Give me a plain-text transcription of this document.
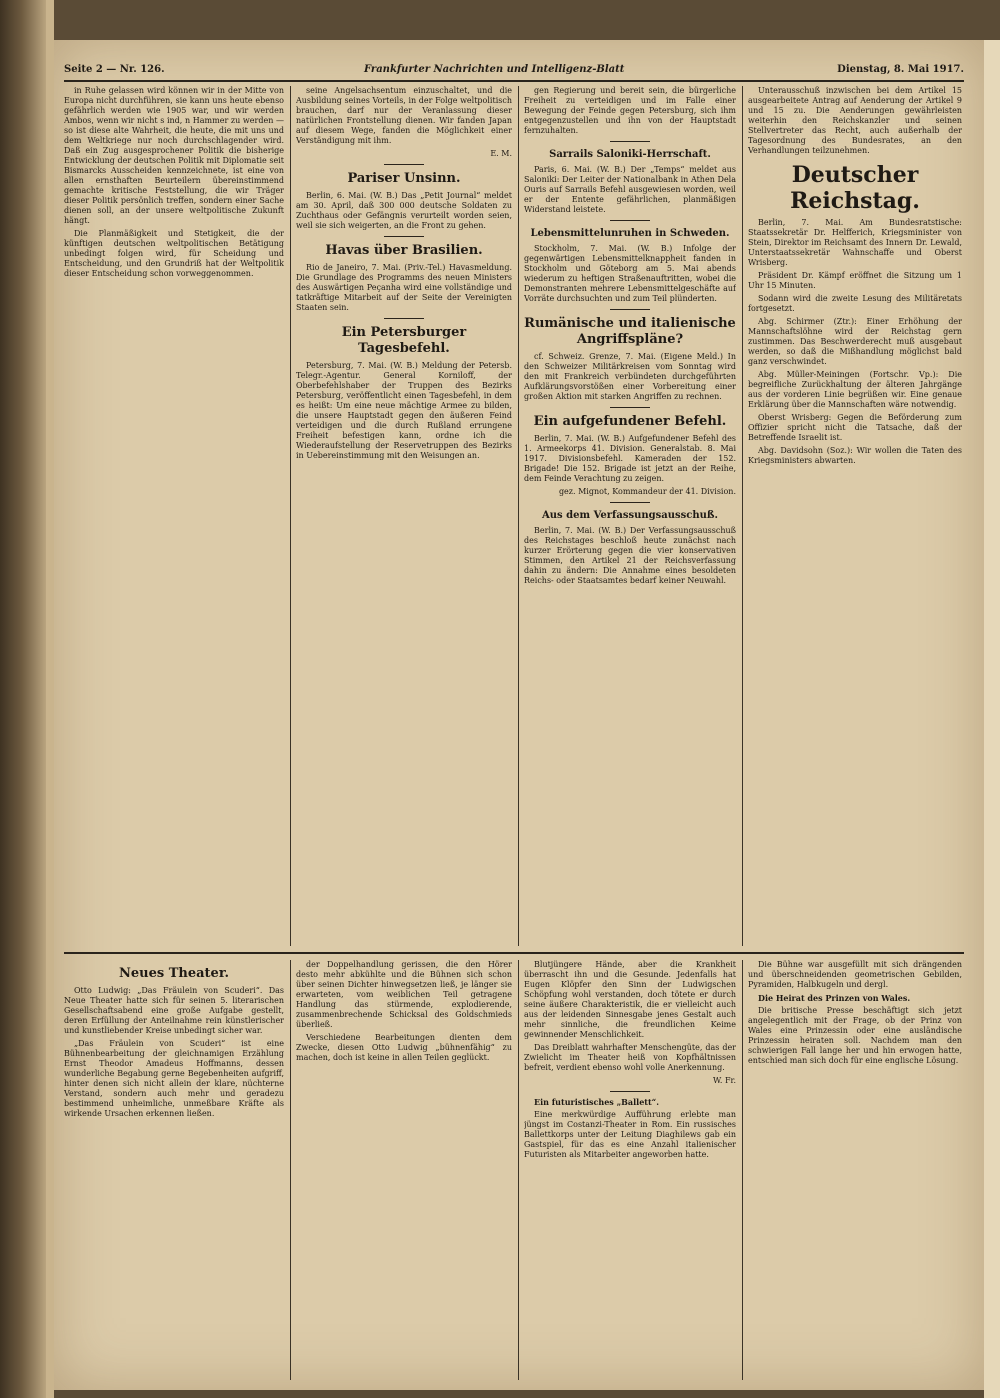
Seite 2 — Nr. 126.	Frankfurter Nachrichten und Intelligenz-Blatt	Dienstag, 8. Mai 1917.

in Ruhe gelassen wird können wir in der Mitte von Europa nicht durchführen, sie kann uns heute ebenso gefährlich werden wie 1905 war, und wir werden Ambos, wenn wir nicht s ind, n Hammer zu werden — so ist diese alte Wahrheit, die heute, die mit uns und dem Weltkriege nur noch durchschlagender wird. Daß ein Zug ausgesprochener Politik die bisherige Entwicklung der deutschen Politik mit Diplomatie seit Bismarcks Ausscheiden kennzeichnete, ist eine von allen ernsthaften Beurteilern übereinstimmend gemachte kritische Feststellung, die wir Träger dieser Politik persönlich treffen, sondern einer Sache dienen soll, an der unsere weltpolitische Zukunft hängt.

Die Planmäßigkeit und Stetigkeit, die der künftigen deutschen weltpolitischen Betätigung unbedingt folgen wird, für Scheidung und Entscheidung, und den Grundriß hat der Weltpolitik dieser Entscheidung schon vorweggenommen.

seine Angelsachsentum einzuschaltet, und die Ausbildung seines Vorteils, in der Folge weltpolitisch brauchen, darf nur der Veranlassung dieser natürlichen Frontstellung dienen. Wir fanden Japan auf diesem Wege, fanden die Möglichkeit einer Verständigung mit ihm.

E. M.

Pariser Unsinn.

Berlin, 6. Mai. (W. B.) Das „Petit Journal“ meldet am 30. April, daß 300 000 deutsche Soldaten zu Zuchthaus oder Gefängnis verurteilt worden seien, weil sie sich weigerten, an die Front zu gehen.

Havas über Brasilien.

Rio de Janeiro, 7. Mai. (Priv.-Tel.) Havasmeldung. Die Grundlage des Programms des neuen Ministers des Auswärtigen Peçanha wird eine vollständige und tatkräftige Mitarbeit auf der Seite der Vereinigten Staaten sein.

Ein Petersburger Tagesbefehl.

Petersburg, 7. Mai. (W. B.) Meldung der Petersb. Telegr.-Agentur. General Korniloff, der Oberbefehlshaber der Truppen des Bezirks Petersburg, veröffentlicht einen Tagesbefehl, in dem es heißt: Um eine neue mächtige Armee zu bilden, die unsere Hauptstadt gegen den äußeren Feind verteidigen und die durch Rußland errungene Freiheit befestigen kann, ordne ich die Wiederaufstellung der Reservetruppen des Bezirks in Uebereinstimmung mit den Weisungen an.

gen Regierung und bereit sein, die bürgerliche Freiheit zu verteidigen und im Falle einer Bewegung der Feinde gegen Petersburg, sich ihm entgegenzustellen und ihn von der Hauptstadt fernzuhalten.

Sarrails Saloniki-Herrschaft.

Paris, 6. Mai. (W. B.) Der „Temps“ meldet aus Saloniki: Der Leiter der Nationalbank in Athen Dela Ouris auf Sarrails Befehl ausgewiesen worden, weil er der Entente gefährlichen, planmäßigen Widerstand leistete.

Lebensmittelunruhen in Schweden.

Stockholm, 7. Mai. (W. B.) Infolge der gegenwärtigen Lebensmittelknappheit fanden in Stockholm und Göteborg am 5. Mai abends wiederum zu heftigen Straßenauftritten, wobei die Demonstranten mehrere Lebensmittelgeschäfte auf Vorräte durchsuchten und zum Teil plünderten.

Rumänische und italienische Angriffspläne?

cf. Schweiz. Grenze, 7. Mai. (Eigene Meld.) In den Schweizer Militärkreisen vom Sonntag wird den mit Frankreich verbündeten durchgeführten Aufklärungsvorstößen einer Vorbereitung einer großen Aktion mit starken Angriffen zu rechnen.

Ein aufgefundener Befehl.

Berlin, 7. Mai. (W. B.) Aufgefundener Befehl des 1. Armeekorps 41. Division. Generalstab. 8. Mai 1917. Divisionsbefehl. Kameraden der 152. Brigade! Die 152. Brigade ist jetzt an der Reihe, dem Feinde Verachtung zu zeigen.

gez. Mignot, Kommandeur der 41. Division.

Aus dem Verfassungsausschuß.

Berlin, 7. Mai. (W. B.) Der Verfassungsausschuß des Reichstages beschloß heute zunächst nach kurzer Erörterung gegen die vier konservativen Stimmen, den Artikel 21 der Reichsverfassung dahin zu ändern: Die Annahme eines besoldeten Reichs- oder Staatsamtes bedarf keiner Neuwahl.

Unterausschuß inzwischen bei dem Artikel 15 ausgearbeitete Antrag auf Aenderung der Artikel 9 und 15 zu. Die Aenderungen gewährleisten weiterhin den Reichskanzler und seinen Stellvertreter das Recht, auch außerhalb der Tagesordnung des Bundesrates, an den Verhandlungen teilzunehmen.

Deutscher Reichstag.

Berlin, 7. Mai. Am Bundesratstische: Staatssekretär Dr. Helfferich, Kriegsminister von Stein, Direktor im Reichsamt des Innern Dr. Lewald, Unterstaatssekretär Wahnschaffe und Oberst Wrisberg.

Präsident Dr. Kämpf eröffnet die Sitzung um 1 Uhr 15 Minuten.

Sodann wird die zweite Lesung des Militäretats fortgesetzt.

Abg. Schirmer (Ztr.): Einer Erhöhung der Mannschaftslöhne wird der Reichstag gern zustimmen. Das Beschwerderecht muß ausgebaut werden, so daß die Mißhandlung möglichst bald ganz verschwindet.

Abg. Müller-Meiningen (Fortschr. Vp.): Die begreifliche Zurückhaltung der älteren Jahrgänge aus der vorderen Linie begrüßen wir. Eine genaue Erklärung über die Mannschaften wäre notwendig.

Oberst Wrisberg: Gegen die Beförderung zum Offizier spricht nicht die Tatsache, daß der Betreffende Israelit ist.

Abg. Davidsohn (Soz.): Wir wollen die Taten des Kriegsministers abwarten.

Neues Theater.

Otto Ludwig: „Das Fräulein von Scuderi“. Das Neue Theater hatte sich für seinen 5. literarischen Gesellschaftsabend eine große Aufgabe gestellt, deren Erfüllung der Anteilnahme rein künstlerischer und kunstliebender Kreise unbedingt sicher war.

„Das Fräulein von Scuderi“ ist eine Bühnenbearbeitung der gleichnamigen Erzählung Ernst Theodor Amadeus Hoffmanns, dessen wunderliche Begabung gerne Begebenheiten aufgriff, hinter denen sich nicht allein der klare, nüchterne Verstand, sondern auch mehr und geradezu bestimmend unheimliche, unmeßbare Kräfte als wirkende Ursachen erkennen ließen.

der Doppelhandlung gerissen, die den Hörer desto mehr abkühlte und die Bühnen sich schon über seinen Dichter hinwegsetzen ließ, je länger sie erwarteten, vom weiblichen Teil getragene Handlung das stürmende, explodierende, zusammenbrechende Schicksal des Goldschmieds überließ.

Verschiedene Bearbeitungen dienten dem Zwecke, diesen Otto Ludwig „bühnenfähig“ zu machen, doch ist keine in allen Teilen geglückt.

Blutjüngere Hände, aber die Krankheit überrascht ihn und die Gesunde. Jedenfalls hat Eugen Klöpfer den Sinn der Ludwigschen Schöpfung wohl verstanden, doch tötete er durch seine äußere Charakteristik, die er vielleicht auch aus der leidenden Sinnesgabe jenes Gestalt auch mehr sinnliche, die freundlichen Keime gewinnender Menschlichkeit.

Das Dreiblatt wahrhafter Menschengüte, das der Zwielicht im Theater heiß von Kopfhältnissen befreit, verdient ebenso wohl volle Anerkennung.

W. Fr.

Ein futuristisches „Ballett“.

Eine merkwürdige Aufführung erlebte man jüngst im Costanzi-Theater in Rom. Ein russisches Ballettkorps unter der Leitung Diaghilews gab ein Gastspiel, für das es eine Anzahl italienischer Futuristen als Mitarbeiter angeworben hatte.

Die Bühne war ausgefüllt mit sich drängenden und überschneidenden geometrischen Gebilden, Pyramiden, Halbkugeln und dergl.

Die Heirat des Prinzen von Wales.

Die britische Presse beschäftigt sich jetzt angelegentlich mit der Frage, ob der Prinz von Wales eine Prinzessin oder eine ausländische Prinzessin heiraten soll. Nachdem man den schwierigen Fall lange her und hin erwogen hatte, entschied man sich doch für eine englische Lösung.
